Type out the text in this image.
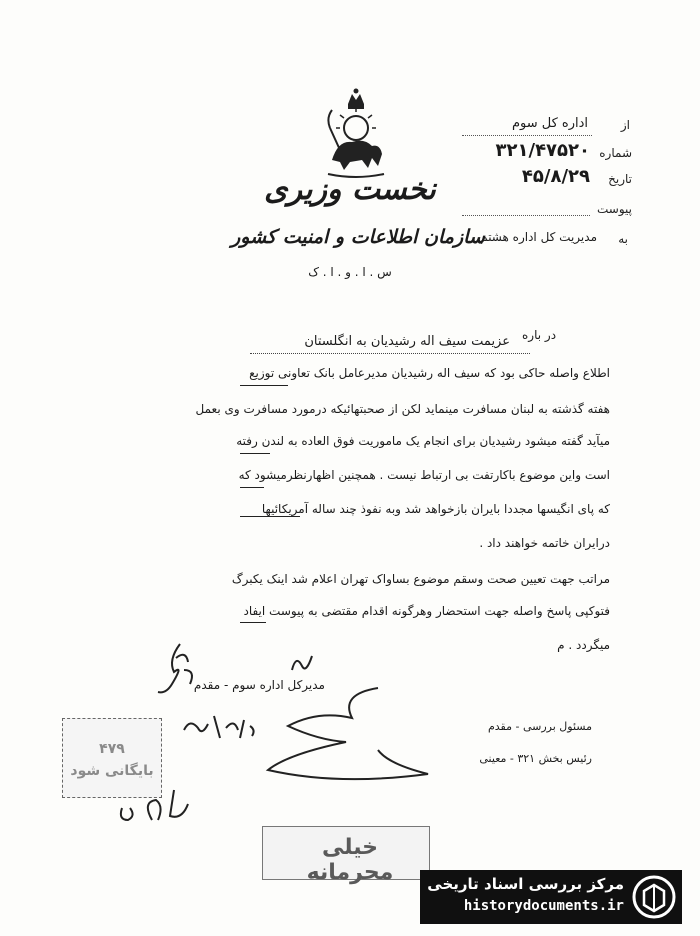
نخست وزیری
سازمان اطلاعات و امنیت کشور
س . ا . و . ا . ک
از
اداره کل سوم
شماره
۳۲۱/۴۷۵۲۰
تاریخ
۴۵/۸/۲۹
پیوست
به
مدیریت کل اداره هشتم
در باره
عزیمت سیف اله رشیدیان به انگلستان
اطلاع واصله حاکی بود که سیف اله رشیدیان مدیرعامل بانک تعاونی توزیع
هفته گذشته به لبنان مسافرت مینماید لکن از صحبتهائیکه درمورد مسافرت وی بعمل
میآید گفته میشود رشیدیان برای انجام یک ماموریت فوق العاده به لندن رفته
است واین موضوع باکارتفت بی ارتباط نیست . همچنین اظهارنظرمیشود که
که پای انگیسها مجددا بایران بازخواهد شد وبه نفوذ چند ساله آمریکائیها
درایران خاتمه خواهند داد .
مراتب جهت تعیین صحت وسقم موضوع بساواک تهران اعلام شد اینک یکبرگ
فتوکپی پاسخ واصله جهت استحضار وهرگونه اقدام مقتضی به پیوست ایفاد
میگردد . م
مدیرکل اداره سوم - مقدم
۴۷۹
بایگانی شود
مسئول بررسی - مقدم
رئیس بخش ۳۲۱ - معینی
خیلی محرمانه	مرکز بررسی اسناد تاریخی
historydocuments.ir
